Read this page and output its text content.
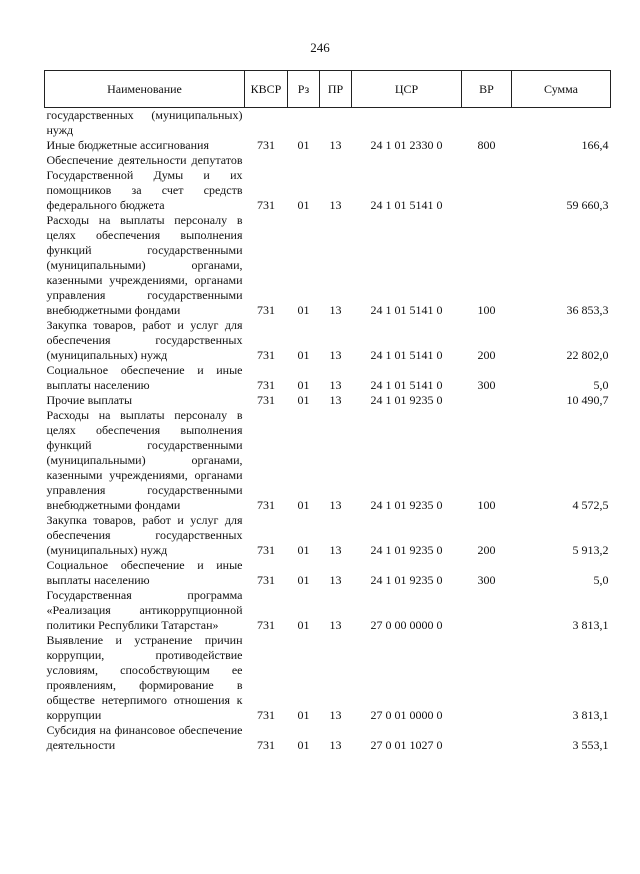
246
Наименование	КВСР	Рз	ПР	ЦСР	ВР	Сумма
государственных (муниципальных) нужд						
Иные бюджетные ассигнования	731	01	13	24 1 01 2330 0	800	166,4
Обеспечение деятельности депутатов Государственной Думы и их помощников за счет средств федерального бюджета	731	01	13	24 1 01 5141 0		59 660,3
Расходы на выплаты персоналу в целях обеспечения выполнения функций государственными (муниципальными) органами, казенными учреждениями, органами управления государственными внебюджетными фондами	731	01	13	24 1 01 5141 0	100	36 853,3
Закупка товаров, работ и услуг для обеспечения государственных (муниципальных) нужд	731	01	13	24 1 01 5141 0	200	22 802,0
Социальное обеспечение и иные выплаты населению	731	01	13	24 1 01 5141 0	300	5,0
Прочие выплаты	731	01	13	24 1 01 9235 0		10 490,7
Расходы на выплаты персоналу в целях обеспечения выполнения функций государственными (муниципальными) органами, казенными учреждениями, органами управления государственными внебюджетными фондами	731	01	13	24 1 01 9235 0	100	4 572,5
Закупка товаров, работ и услуг для обеспечения государственных (муниципальных) нужд	731	01	13	24 1 01 9235 0	200	5 913,2
Социальное обеспечение и иные выплаты населению	731	01	13	24 1 01 9235 0	300	5,0
Государственная программа «Реализация антикоррупционной политики Республики Татарстан»	731	01	13	27 0 00 0000 0		3 813,1
Выявление и устранение причин коррупции, противодействие условиям, способствующим ее проявлениям, формирование в обществе нетерпимого отношения к коррупции	731	01	13	27 0 01 0000 0		3 813,1
Субсидия на финансовое обеспечение деятельности	731	01	13	27 0 01 1027 0		3 553,1
